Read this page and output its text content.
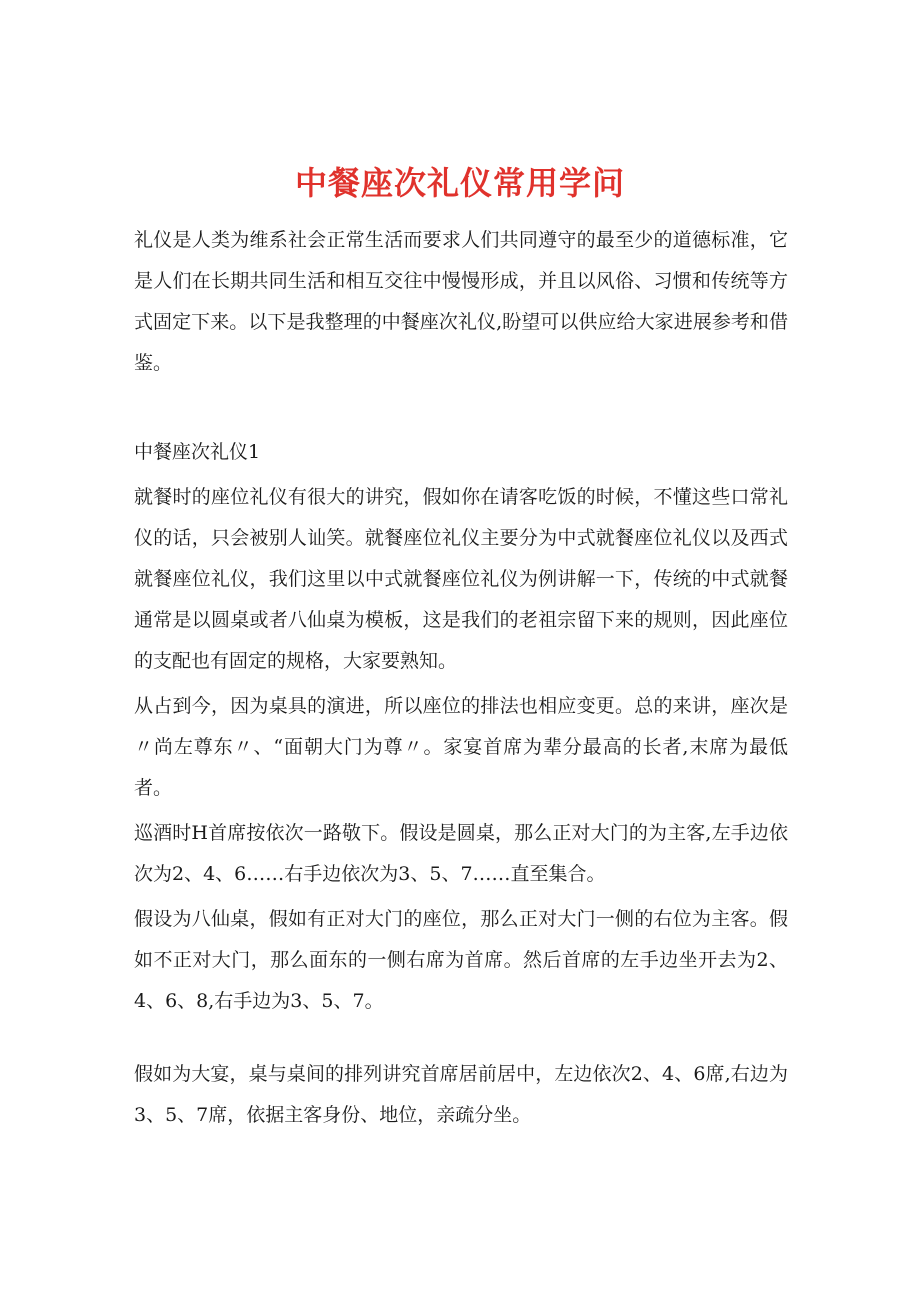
中餐座次礼仪常用学问

礼仪是人类为维系社会正常生活而要求人们共同遵守的最至少的道德标准，它是人们在长期共同生活和相互交往中慢慢形成，并且以风俗、习惯和传统等方式固定下来。以下是我整理的中餐座次礼仪,盼望可以供应给大家进展参考和借鉴。

中餐座次礼仪1

就餐时的座位礼仪有很大的讲究，假如你在请客吃饭的时候，不懂这些口常礼仪的话，只会被别人讪笑。就餐座位礼仪主要分为中式就餐座位礼仪以及西式就餐座位礼仪，我们这里以中式就餐座位礼仪为例讲解一下，传统的中式就餐通常是以圆桌或者八仙桌为模板，这是我们的老祖宗留下来的规则，因此座位的支配也有固定的规格，大家要熟知。

从占到今，因为桌具的演进，所以座位的排法也相应变更。总的来讲，座次是〃尚左尊东〃、“面朝大门为尊〃。家宴首席为辈分最高的长者,末席为最低者。

巡酒时H首席按依次一路敬下。假设是圆桌，那么正对大门的为主客,左手边依次为2、4、6……右手边依次为3、5、7……直至集合。

假设为八仙桌，假如有正对大门的座位，那么正对大门一侧的右位为主客。假如不正对大门，那么面东的一侧右席为首席。然后首席的左手边坐开去为2、4、6、8,右手边为3、5、7。

假如为大宴，桌与桌间的排列讲究首席居前居中，左边依次2、4、6席,右边为3、5、7席，依据主客身份、地位，亲疏分坐。
